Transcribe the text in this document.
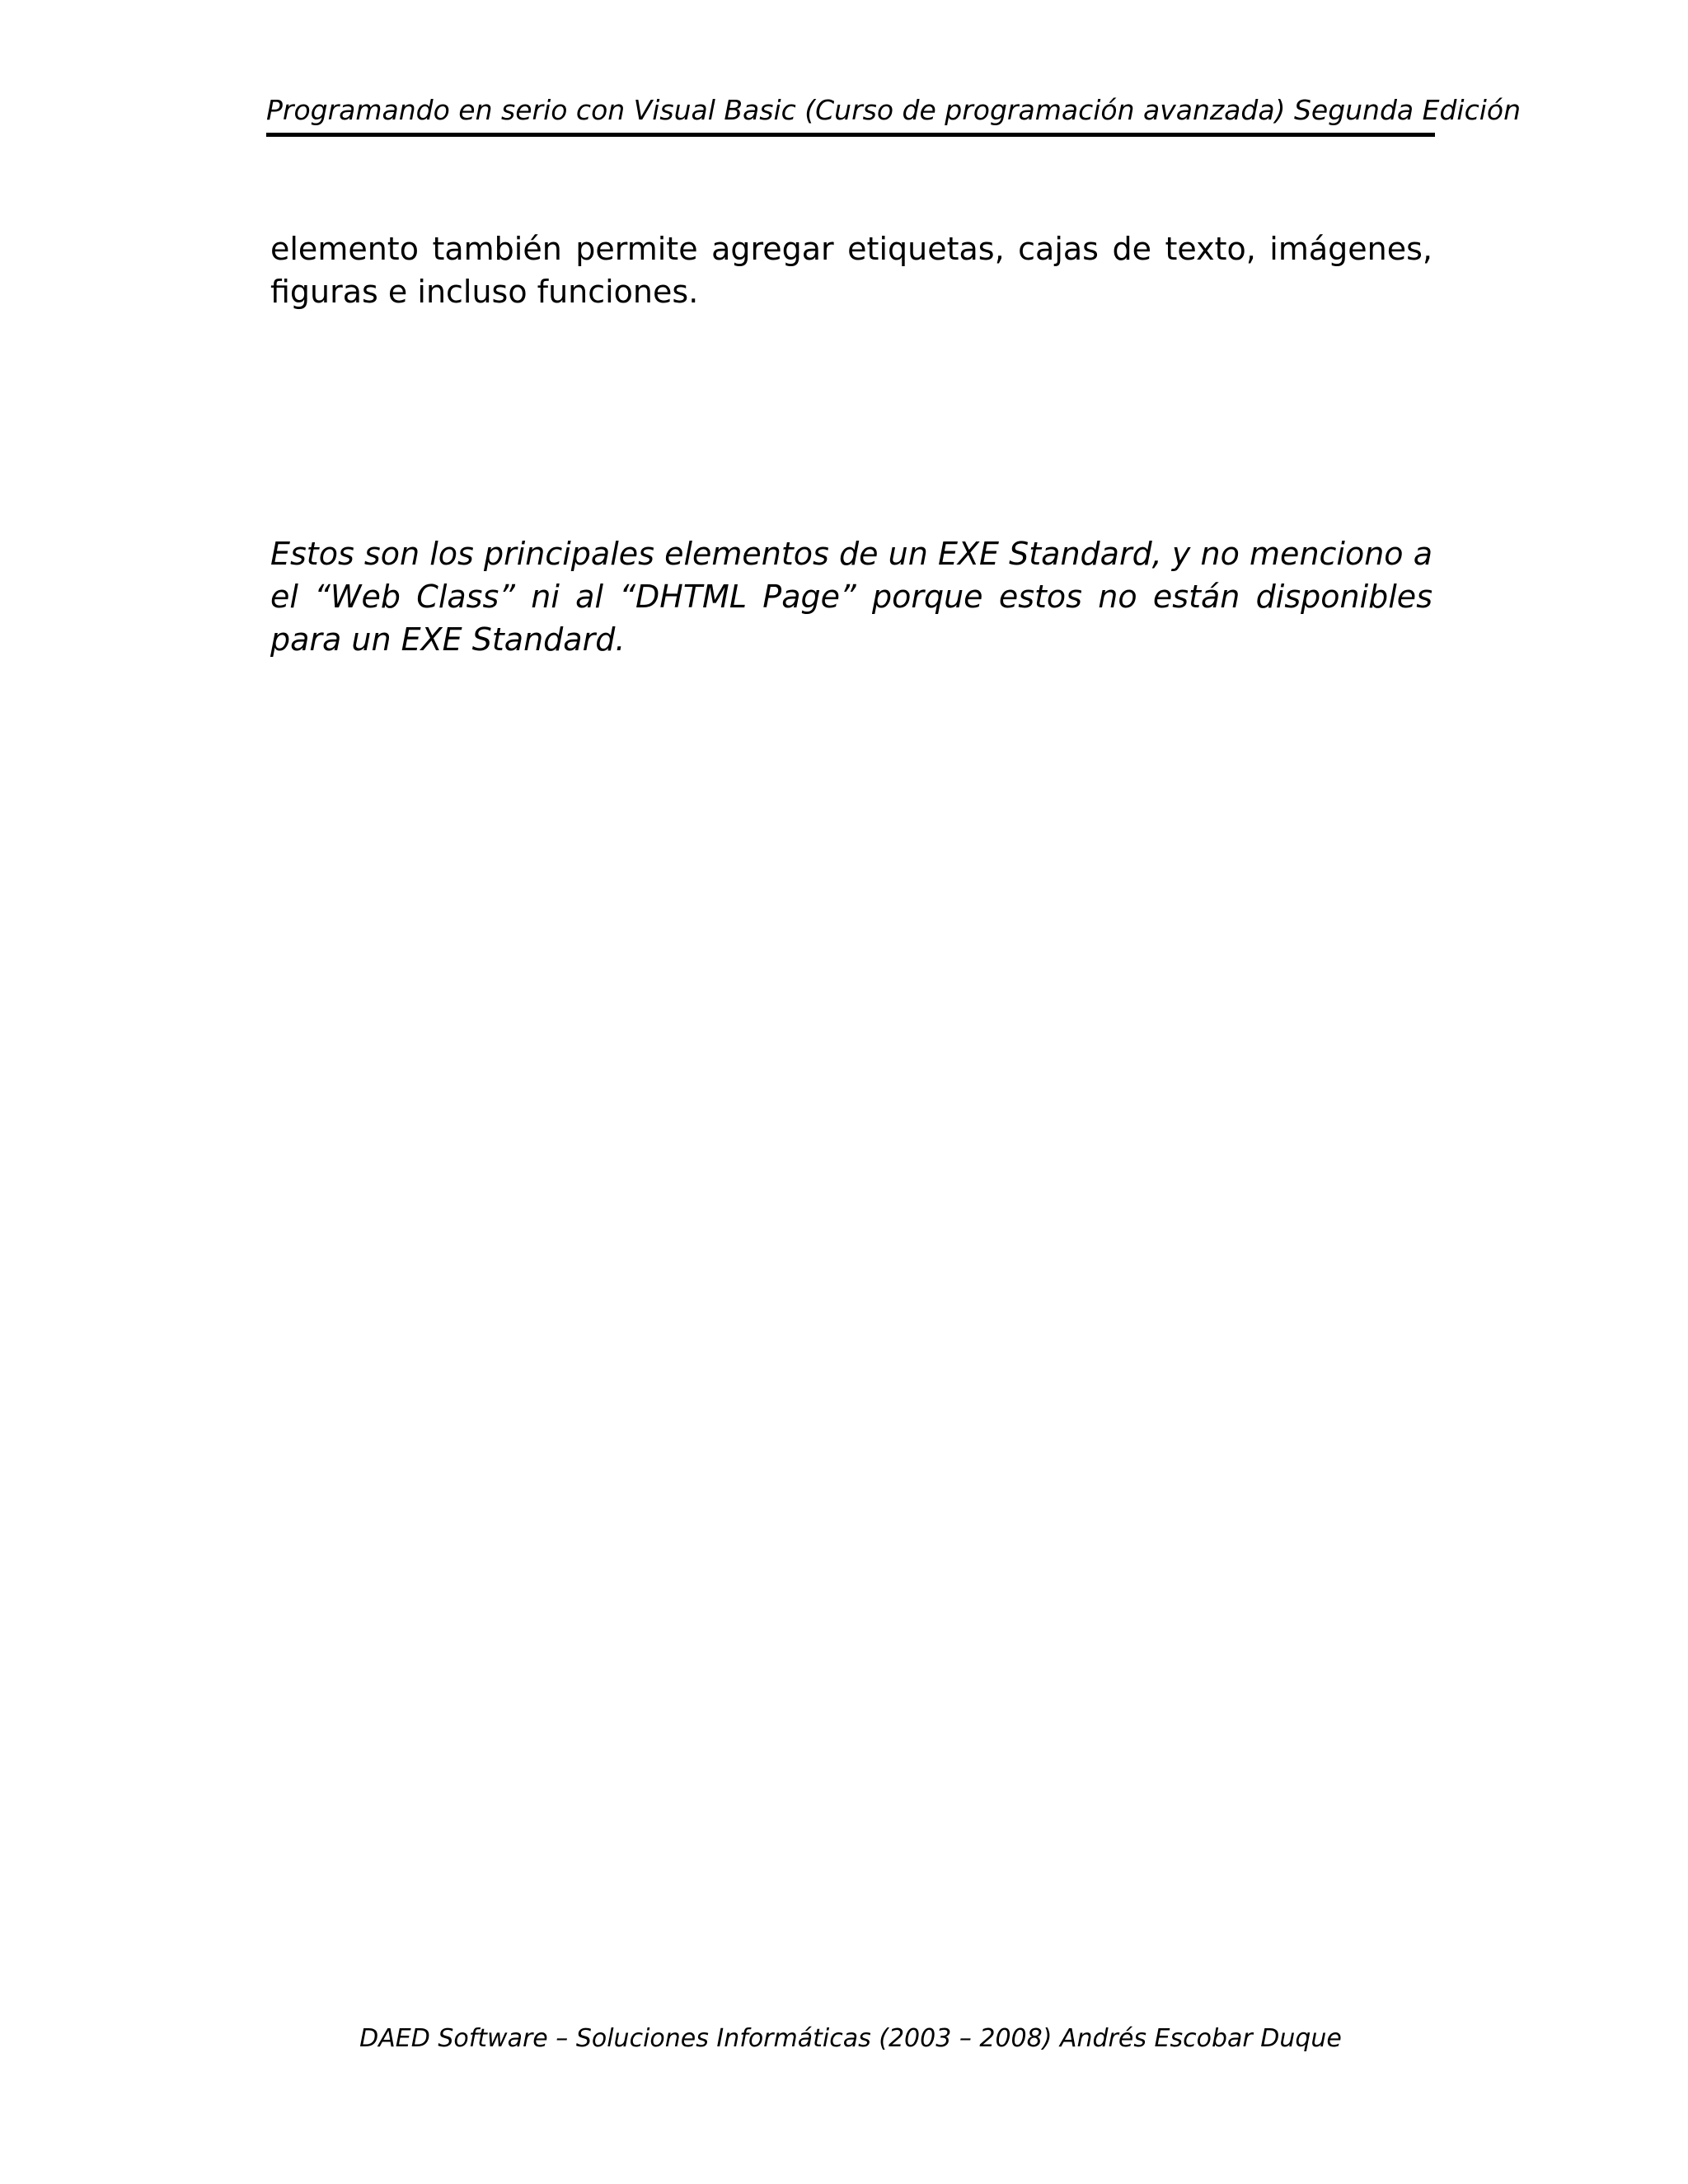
Programando en serio con Visual Basic (Curso de programación avanzada) Segunda Edición

elemento también permite agregar etiquetas, cajas de texto, imágenes, figuras e incluso funciones.

Estos son los principales elementos de un EXE Standard, y no menciono a el “Web Class” ni al “DHTML Page” porque estos no están disponibles para un EXE Standard.

DAED Software – Soluciones Informáticas (2003 – 2008) Andrés Escobar Duque
